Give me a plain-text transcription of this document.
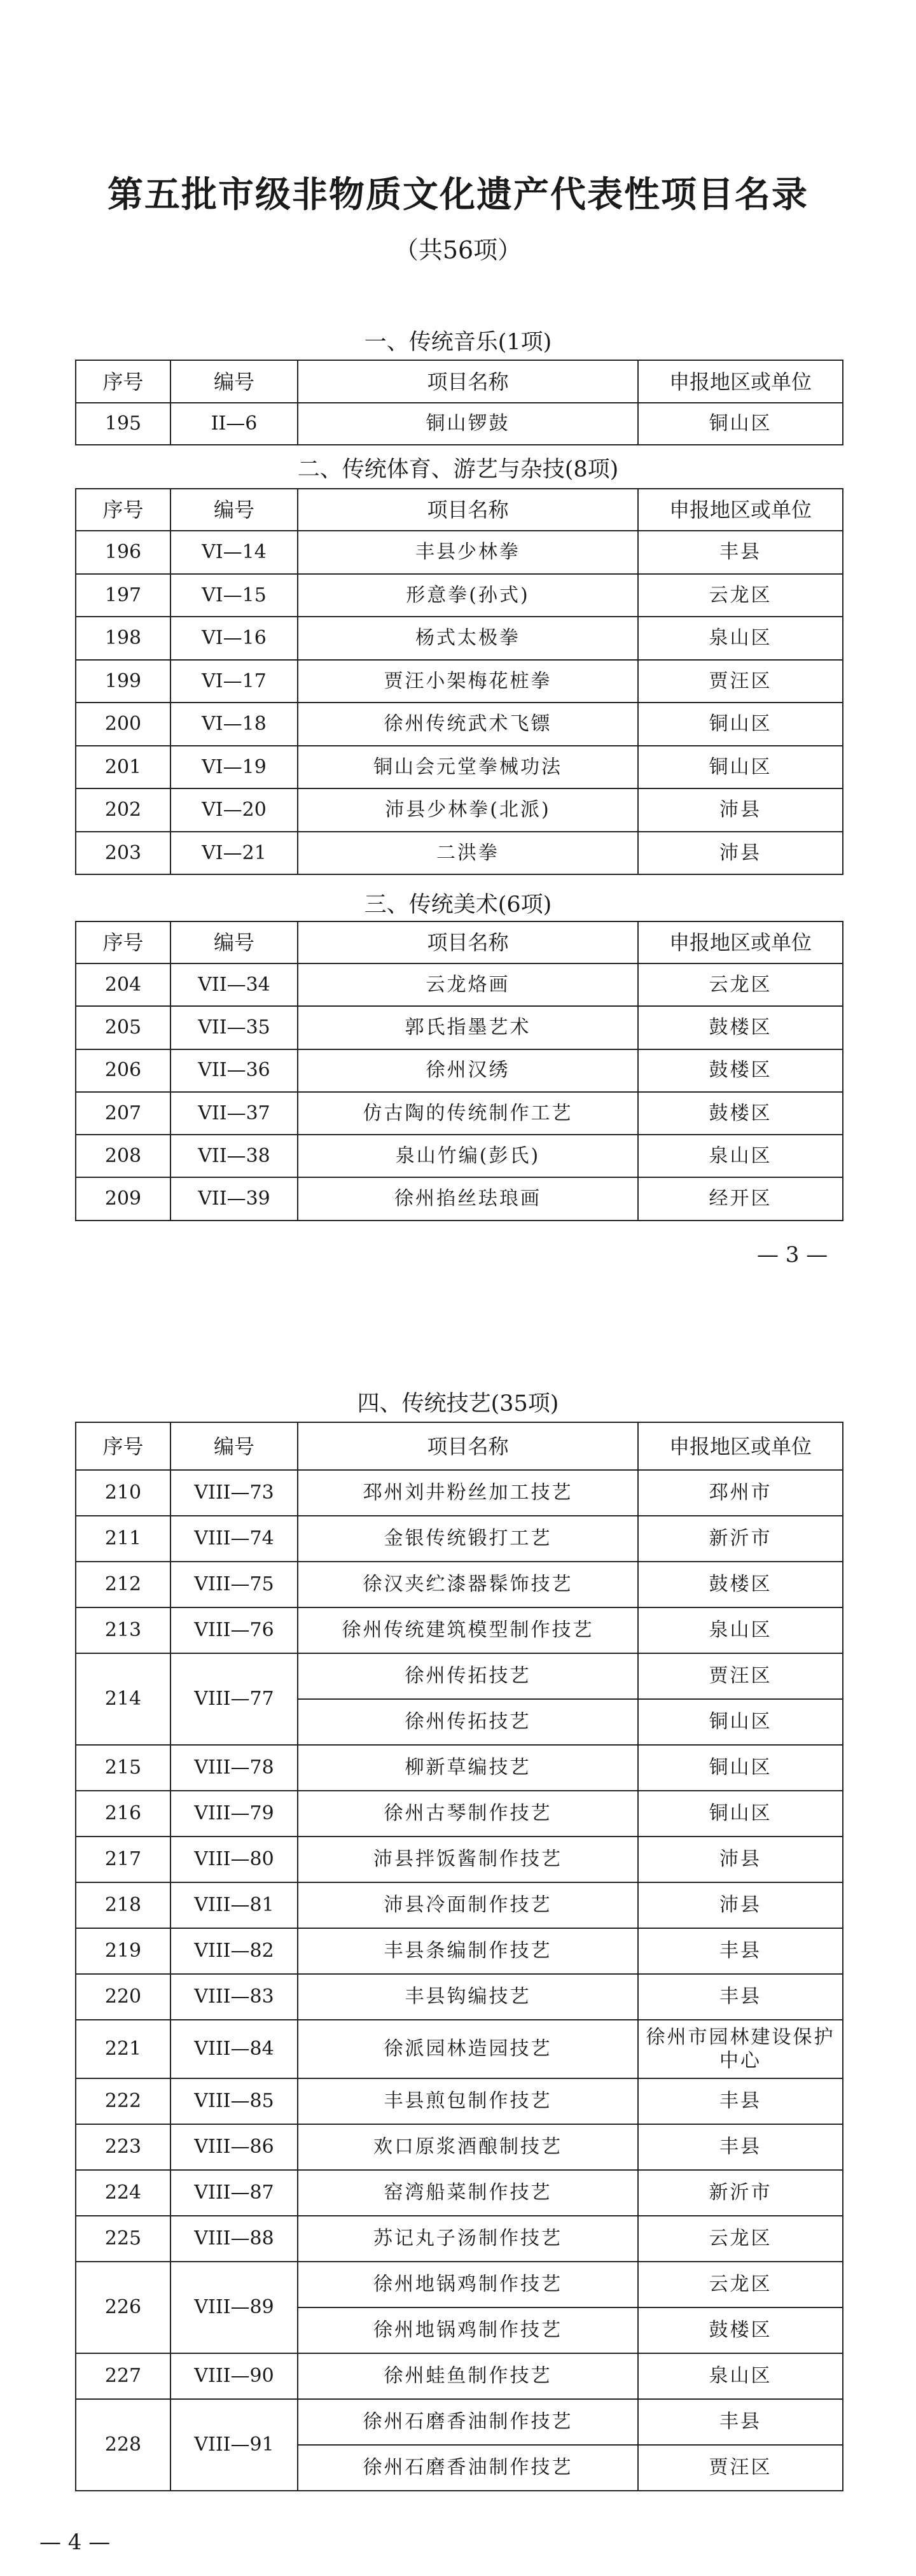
第五批市级非物质文化遗产代表性项目名录
（共56项）
一、传统音乐(1项)
序号	编号	项目名称	申报地区或单位
195	II—6	铜山锣鼓	铜山区
二、传统体育、游艺与杂技(8项)
序号	编号	项目名称	申报地区或单位
196	VI—14	丰县少林拳	丰县
197	VI—15	形意拳(孙式)	云龙区
198	VI—16	杨式太极拳	泉山区
199	VI—17	贾汪小架梅花桩拳	贾汪区
200	VI—18	徐州传统武术飞镖	铜山区
201	VI—19	铜山会元堂拳械功法	铜山区
202	VI—20	沛县少林拳(北派)	沛县
203	VI—21	二洪拳	沛县
三、传统美术(6项)
序号	编号	项目名称	申报地区或单位
204	VII—34	云龙烙画	云龙区
205	VII—35	郭氏指墨艺术	鼓楼区
206	VII—36	徐州汉绣	鼓楼区
207	VII—37	仿古陶的传统制作工艺	鼓楼区
208	VII—38	泉山竹编(彭氏)	泉山区
209	VII—39	徐州掐丝珐琅画	经开区
四、传统技艺(35项)
序号	编号	项目名称	申报地区或单位
210	VIII—73	邳州刘井粉丝加工技艺	邳州市
211	VIII—74	金银传统锻打工艺	新沂市
212	VIII—75	徐汉夹纻漆器髹饰技艺	鼓楼区
213	VIII—76	徐州传统建筑模型制作技艺	泉山区
214	VIII—77	徐州传拓技艺	贾汪区
		徐州传拓技艺	铜山区
215	VIII—78	柳新草编技艺	铜山区
216	VIII—79	徐州古琴制作技艺	铜山区
217	VIII—80	沛县拌饭酱制作技艺	沛县
218	VIII—81	沛县冷面制作技艺	沛县
219	VIII—82	丰县条编制作技艺	丰县
220	VIII—83	丰县钩编技艺	丰县
221	VIII—84	徐派园林造园技艺	徐州市园林建设保护中心
222	VIII—85	丰县煎包制作技艺	丰县
223	VIII—86	欢口原浆酒酿制技艺	丰县
224	VIII—87	窑湾船菜制作技艺	新沂市
225	VIII—88	苏记丸子汤制作技艺	云龙区
226	VIII—89	徐州地锅鸡制作技艺	云龙区
		徐州地锅鸡制作技艺	鼓楼区
227	VIII—90	徐州蛙鱼制作技艺	泉山区
228	VIII—91	徐州石磨香油制作技艺	丰县
		徐州石磨香油制作技艺	贾汪区
— 3 —
— 4 —
